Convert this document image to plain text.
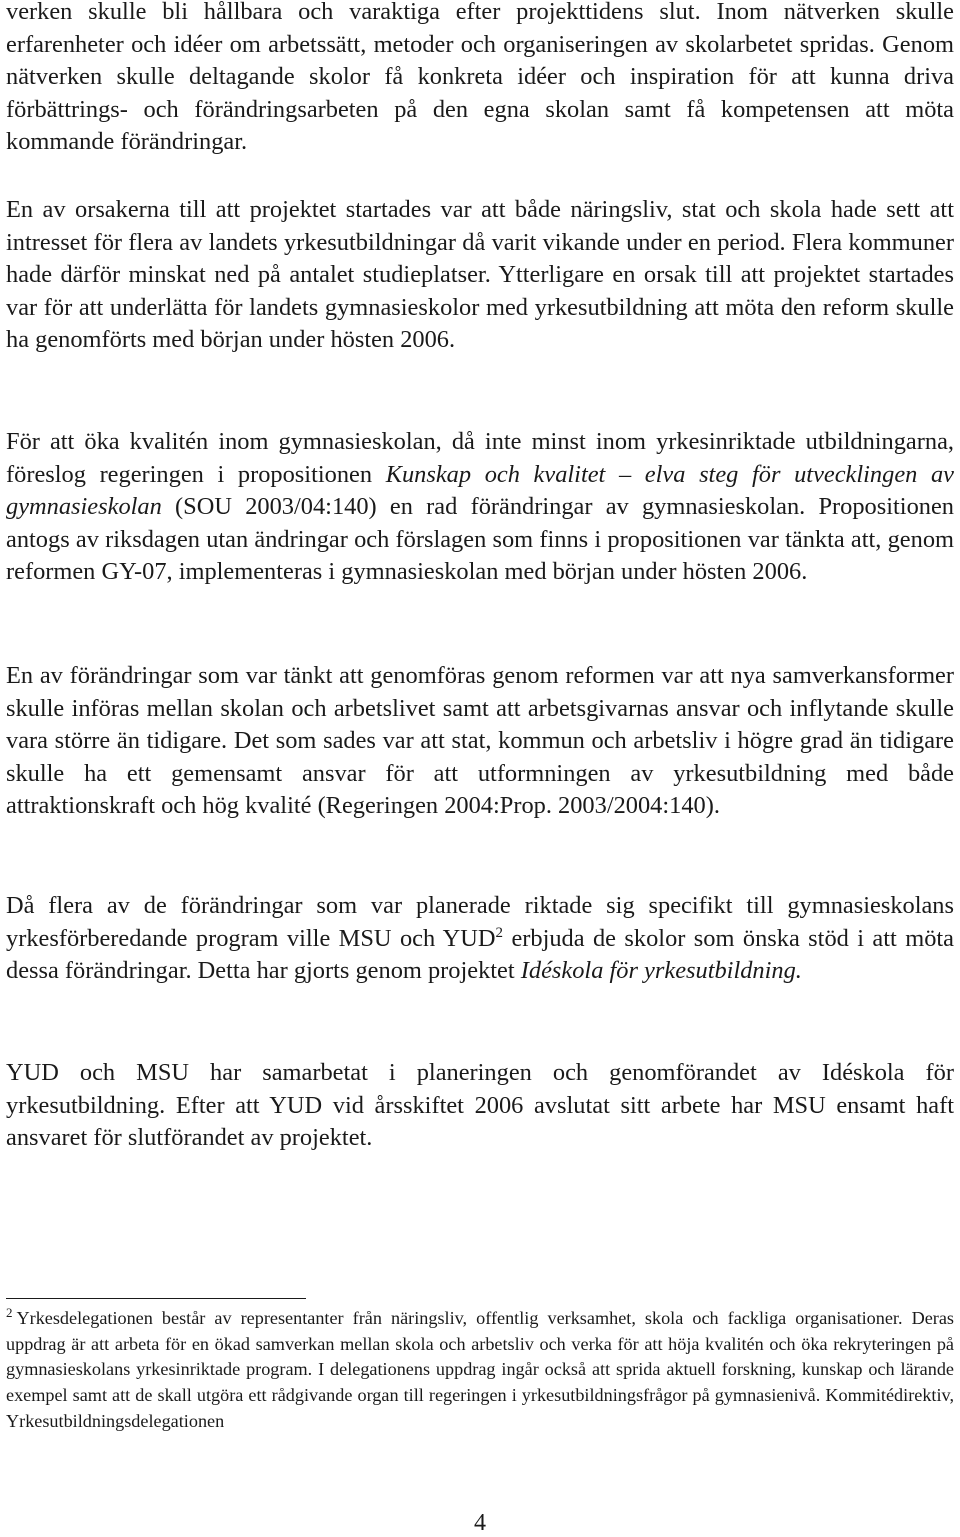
verken skulle bli hållbara och varaktiga efter projekttidens slut. Inom nätverken skulle erfarenheter och idéer om arbetssätt, metoder och organiseringen av skolarbetet spridas. Genom nätverken skulle deltagande skolor få konkreta idéer och inspiration för att kunna driva förbättrings- och förändringsarbeten på den egna skolan samt få kompetensen att möta kommande förändringar.

En av orsakerna till att projektet startades var att både näringsliv, stat och skola hade sett att intresset för flera av landets yrkesutbildningar då varit vikande under en period. Flera kommuner hade därför minskat ned på antalet studieplatser. Ytterligare en orsak till att projektet startades var för att underlätta för landets gymnasieskolor med yrkesutbildning att möta den reform skulle ha genomförts med början under hösten 2006.

För att öka kvalitén inom gymnasieskolan, då inte minst inom yrkesinriktade utbildningarna, föreslog regeringen i propositionen Kunskap och kvalitet – elva steg för utvecklingen av gymnasieskolan (SOU 2003/04:140) en rad förändringar av gymnasieskolan. Propositionen antogs av riksdagen utan ändringar och förslagen som finns i propositionen var tänkta att, genom reformen GY-07, implementeras i gymnasieskolan med början under hösten 2006.

En av förändringar som var tänkt att genomföras genom reformen var att nya samverkansformer skulle införas mellan skolan och arbetslivet samt att arbetsgivarnas ansvar och inflytande skulle vara större än tidigare. Det som sades var att stat, kommun och arbetsliv i högre grad än tidigare skulle ha ett gemensamt ansvar för att utformningen av yrkesutbildning med både attraktionskraft och hög kvalité (Regeringen 2004:Prop. 2003/2004:140).

Då flera av de förändringar som var planerade riktade sig specifikt till gymnasieskolans yrkesförberedande program ville MSU och YUD$^2$ erbjuda de skolor som önska stöd i att möta dessa förändringar. Detta har gjorts genom projektet Idéskola för yrkesutbildning.

YUD och MSU har samarbetat i planeringen och genomförandet av Idéskola för yrkesutbildning. Efter att YUD vid årsskiftet 2006 avslutat sitt arbete har MSU ensamt haft ansvaret för slutförandet av projektet.

$^2$ Yrkesdelegationen består av representanter från näringsliv, offentlig verksamhet, skola och fackliga organisationer. Deras uppdrag är att arbeta för en ökad samverkan mellan skola och arbetsliv och verka för att höja kvalitén och öka rekryteringen på gymnasieskolans yrkesinriktade program. I delegationens uppdrag ingår också att sprida aktuell forskning, kunskap och lärande exempel samt att de skall utgöra ett rådgivande organ till regeringen i yrkesutbildningsfrågor på gymnasienivå. Kommitédirektiv, Yrkesutbildningsdelegationen

4
